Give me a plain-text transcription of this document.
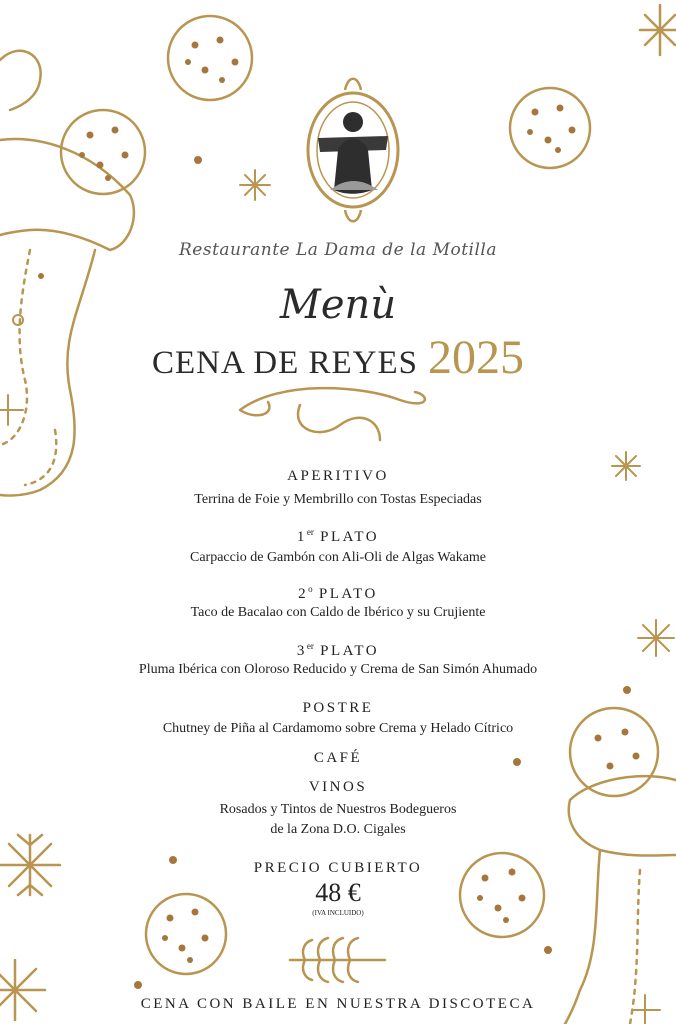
Restaurante La Dama de la Motilla
Menù
CENA DE REYES 2025
APERITIVO
Terrina de Foie y Membrillo con Tostas Especiadas
1er PLATO
Carpaccio de Gambón con Ali-Oli de Algas Wakame
2$^o$ PLATO
Taco de Bacalao con Caldo de Ibérico y su Crujiente
3er PLATO
Pluma Ibérica con Oloroso Reducido y Crema de San Simón Ahumado
POSTRE
Chutney de Piña al Cardamomo sobre Crema y Helado Cítrico
CAFÉ
VINOS
Rosados y Tintos de Nuestros Bodegueros
de la Zona D.O. Cigales
PRECIO CUBIERTO
48 €
(IVA INCLUIDO)
CENA CON BAILE EN NUESTRA DISCOTECA
